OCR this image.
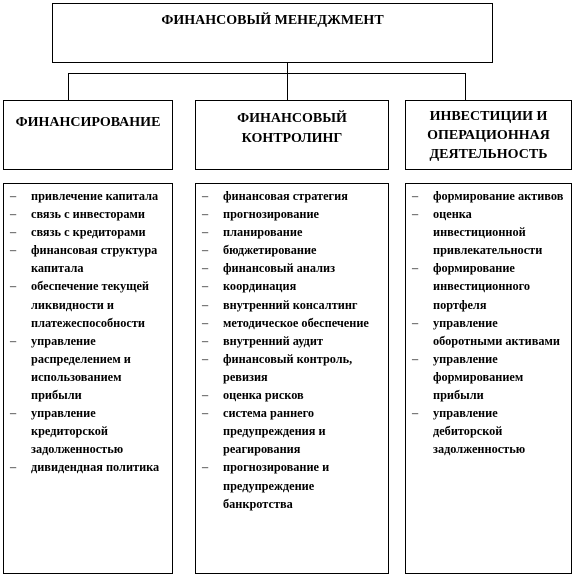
ФИНАНСОВЫЙ МЕНЕДЖМЕНТ
ФИНАНСИРОВАНИЕ	ФИНАНСОВЫЙ КОНТРОЛИНГ
ИНВЕСТИЦИИ И ОПЕРАЦИОННАЯ ДЕЯТЕЛЬНОСТЬ
– привлечение капитала
– связь с инвесторами
– связь с кредиторами
– финансовая структура капитала
– обеспечение текущей ликвидности и платежеспособности
– управление распределением и использованием прибыли
– управление кредиторской задолженностью
– дивидендная политика
– финансовая стратегия
– прогнозирование
– планирование
– бюджетирование
– финансовый анализ
– координация
– внутренний консалтинг
– методическое обеспечение
– внутренний аудит
– финансовый контроль, ревизия
– оценка рисков
– система раннего предупреждения и реагирования
– прогнозирование и предупреждение банкротства
– формирование активов
– оценка инвестиционной привлекательности
– формирование инвестиционного портфеля
– управление оборотными активами
– управление формированием прибыли
– управление дебиторской задолженностью
